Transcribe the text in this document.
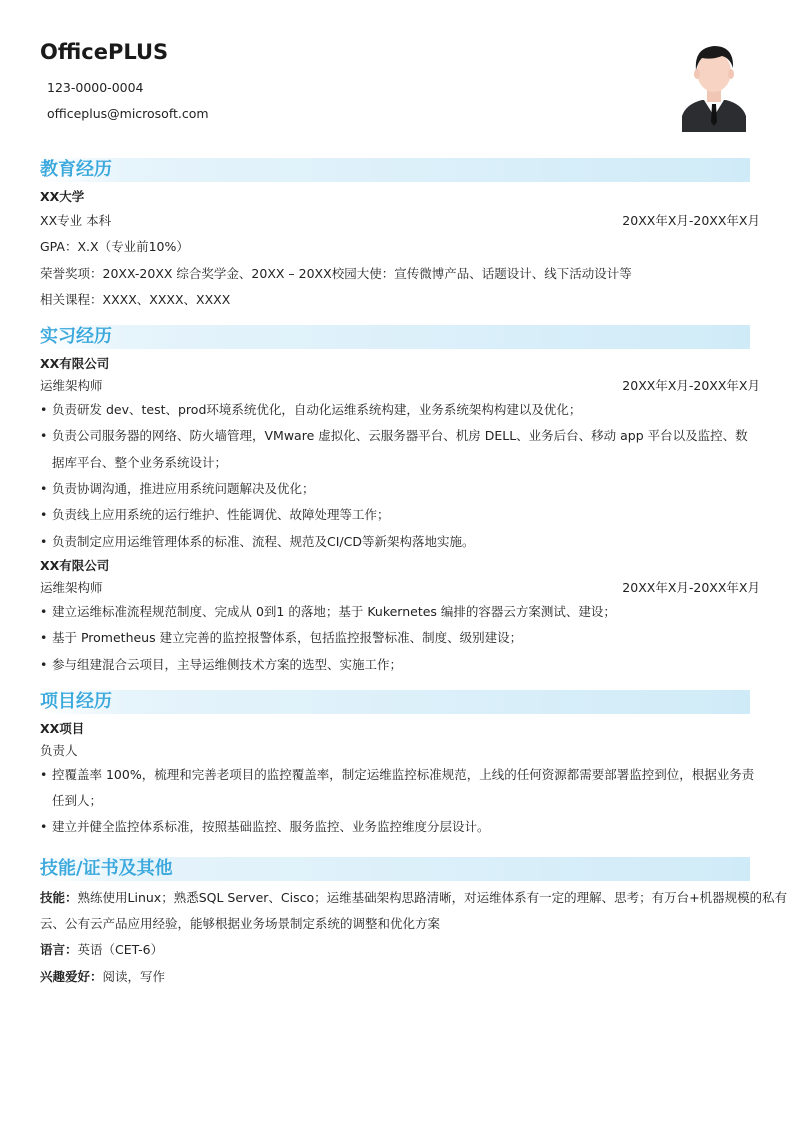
OfficePLUS
123-0000-0004
officeplus@microsoft.com
教育经历
XX大学
XX专业 本科	20XX年X月-20XX年X月
GPA：X.X（专业前10%）
荣誉奖项：20XX-20XX 综合奖学金、20XX – 20XX校园大使：宣传微博产品、话题设计、线下活动设计等
相关课程：XXXX、XXXX、XXXX
实习经历
XX有限公司
运维架构师	20XX年X月-20XX年X月
• 负责研发 dev、test、prod环境系统优化，自动化运维系统构建，业务系统架构构建以及优化；
• 负责公司服务器的网络、防火墙管理，VMware 虚拟化、云服务器平台、机房 DELL、业务后台、移动 app 平台以及监控、数据库平台、整个业务系统设计；
• 负责协调沟通，推进应用系统问题解决及优化；
• 负责线上应用系统的运行维护、性能调优、故障处理等工作；
• 负责制定应用运维管理体系的标准、流程、规范及CI/CD等新架构落地实施。
XX有限公司
运维架构师	20XX年X月-20XX年X月
• 建立运维标准流程规范制度、完成从 0到1 的落地；基于 Kukernetes 编排的容器云方案测试、建设；
• 基于 Prometheus 建立完善的监控报警体系，包括监控报警标准、制度、级别建设；
• 参与组建混合云项目，主导运维侧技术方案的选型、实施工作；
项目经历
XX项目
负责人
• 控覆盖率 100%，梳理和完善老项目的监控覆盖率，制定运维监控标准规范，上线的任何资源都需要部署监控到位，根据业务责任到人；
• 建立并健全监控体系标准，按照基础监控、服务监控、业务监控维度分层设计。
技能/证书及其他
技能：熟练使用Linux；熟悉SQL Server、Cisco；运维基础架构思路清晰，对运维体系有一定的理解、思考；有万台+机器规模的私有
云、公有云产品应用经验，能够根据业务场景制定系统的调整和优化方案
语言：英语（CET-6）
兴趣爱好：阅读，写作
